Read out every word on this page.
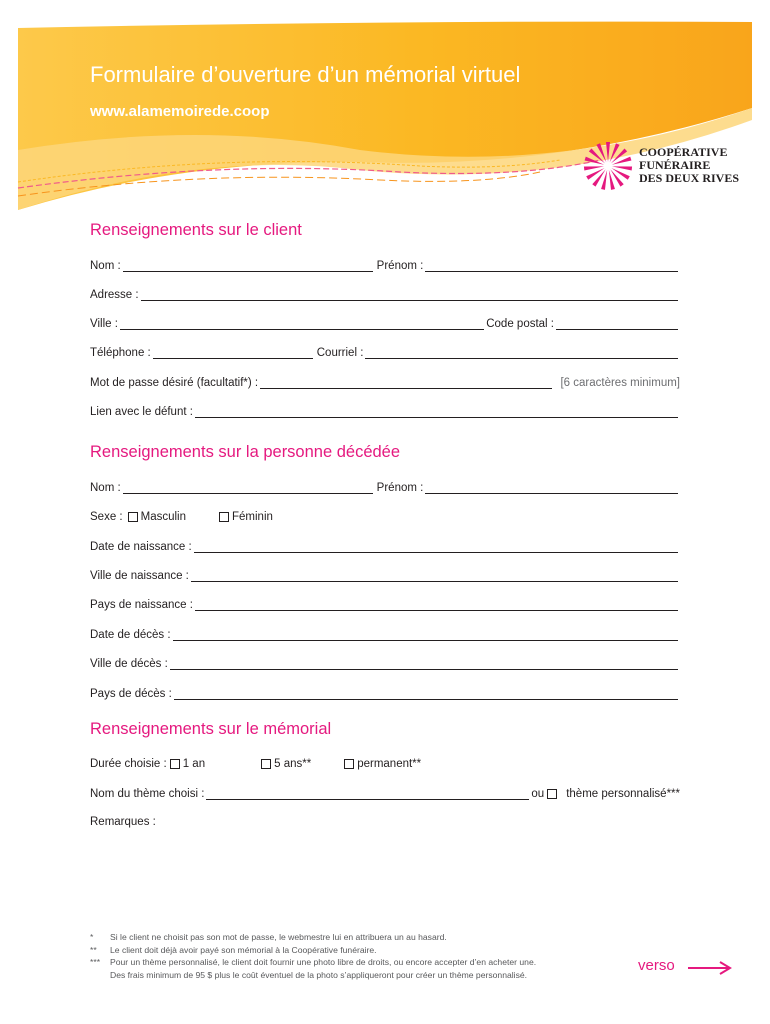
Formulaire d’ouverture d’un mémorial virtuel
www.alamemoirede.coop
COOPÉRATIVE
FUNÉRAIRE
DES DEUX RIVES
Renseignements sur le client
Nom :	Prénom :
Adresse :
Ville :	Code postal :
Téléphone :	Courriel :
Mot de passe désiré (facultatif*) :	[6 caractères minimum]
Lien avec le défunt :
Renseignements sur la personne décédée
Nom :	Prénom :
Sexe : Masculin	Féminin
Date de naissance :
Ville de naissance :
Pays de naissance :
Date de décès :
Ville de décès :
Pays de décès :
Renseignements sur le mémorial
Durée choisie : 1 an	5 ans**	permanent**
Nom du thème choisi :	ou thème personnalisé***
Remarques :
*	Si le client ne choisit pas son mot de passe, le webmestre lui en attribuera un au hasard.
**	Le client doit déjà avoir payé son mémorial à la Coopérative funéraire.
***	Pour un thème personnalisé, le client doit fournir une photo libre de droits, ou encore accepter d’en acheter une.
Des frais minimum de 95 $ plus le coût éventuel de la photo s’appliqueront pour créer un thème personnalisé.
verso
